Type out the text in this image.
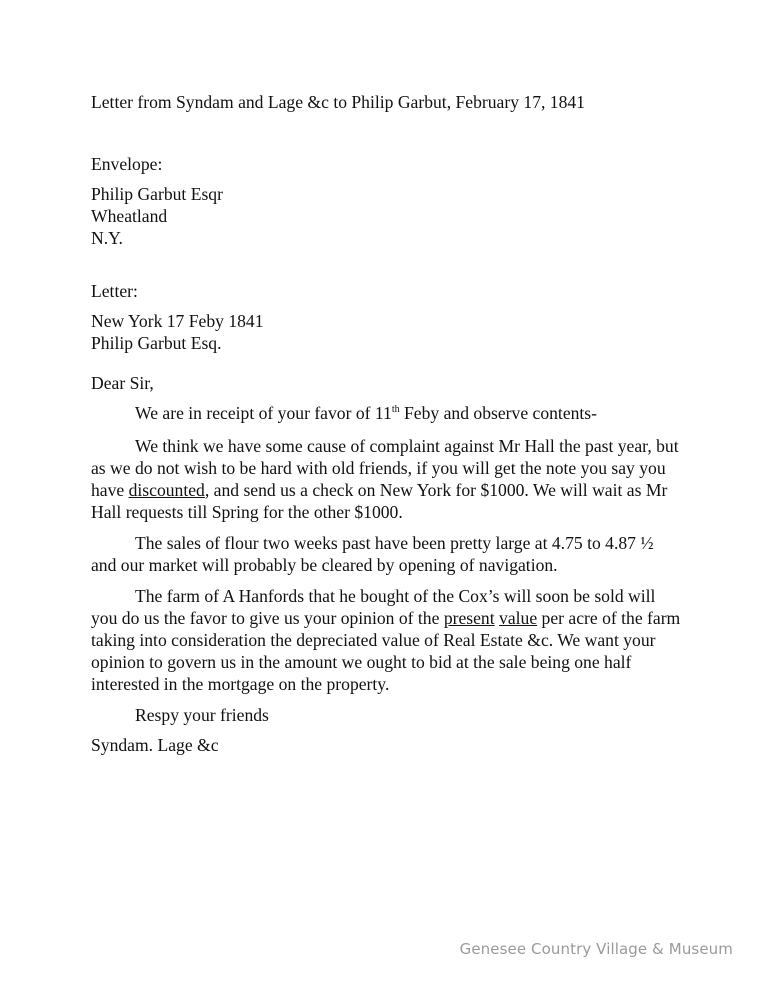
Letter from Syndam and Lage &c to Philip Garbut, February 17, 1841

Envelope:

Philip Garbut Esqr
Wheatland
N.Y.

Letter:

New York 17 Feby 1841
Philip Garbut Esq.

Dear Sir,

We are in receipt of your favor of 11th Feby and observe contents-

We think we have some cause of complaint against Mr Hall the past year, but as we do not wish to be hard with old friends, if you will get the note you say you have discounted, and send us a check on New York for $1000. We will wait as Mr Hall requests till Spring for the other $1000.

The sales of flour two weeks past have been pretty large at 4.75 to 4.87 ½ and our market will probably be cleared by opening of navigation.

The farm of A Hanfords that he bought of the Cox’s will soon be sold will you do us the favor to give us your opinion of the present value per acre of the farm taking into consideration the depreciated value of Real Estate &c. We want your opinion to govern us in the amount we ought to bid at the sale being one half interested in the mortgage on the property.

Respy your friends

Syndam. Lage &c

Genesee Country Village & Museum
